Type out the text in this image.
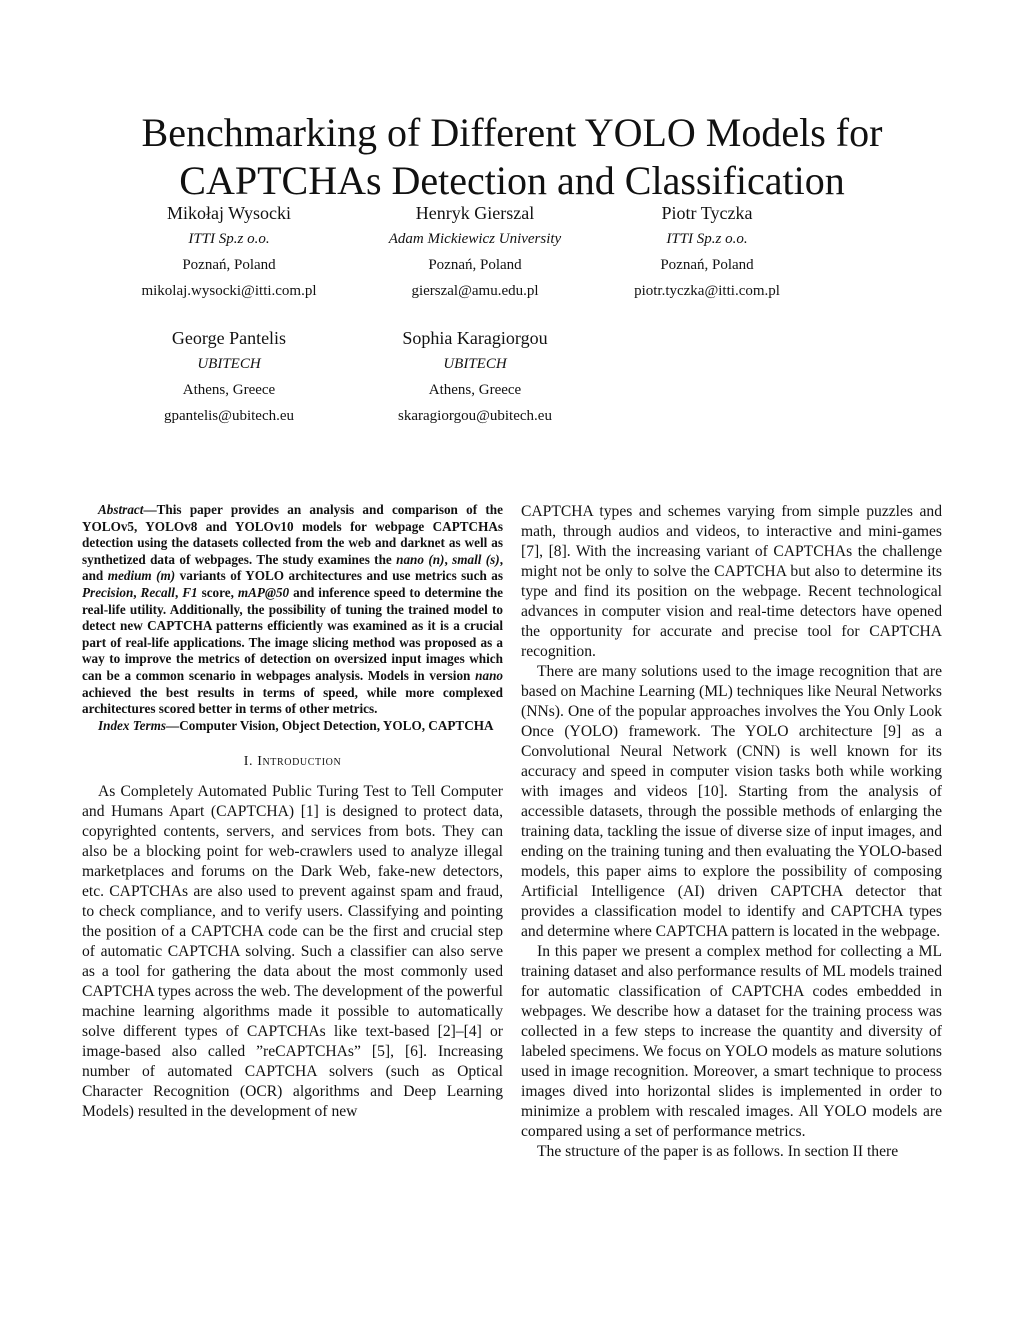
Benchmarking of Different YOLO Models for
CAPTCHAs Detection and Classification
Mikołaj Wysocki
ITTI Sp.z o.o.
Poznań, Poland
mikolaj.wysocki@itti.com.pl
Henryk Gierszal
Adam Mickiewicz University
Poznań, Poland
gierszal@amu.edu.pl
Piotr Tyczka
ITTI Sp.z o.o.
Poznań, Poland
piotr.tyczka@itti.com.pl
George Pantelis
UBITECH
Athens, Greece
gpantelis@ubitech.eu
Sophia Karagiorgou
UBITECH
Athens, Greece
skaragiorgou@ubitech.eu

Abstract—This paper provides an analysis and comparison of the YOLOv5, YOLOv8 and YOLOv10 models for webpage CAPTCHAs detection using the datasets collected from the web and darknet as well as synthetized data of webpages. The study examines the nano (n), small (s), and medium (m) variants of YOLO architectures and use metrics such as Precision, Recall, F1 score, mAP@50 and inference speed to determine the real-life utility. Additionally, the possibility of tuning the trained model to detect new CAPTCHA patterns efficiently was examined as it is a crucial part of real-life applications. The image slicing method was proposed as a way to improve the metrics of detection on oversized input images which can be a common scenario in webpages analysis. Models in version nano achieved the best results in terms of speed, while more complexed architectures scored better in terms of other metrics.

Index Terms—Computer Vision, Object Detection, YOLO, CAPTCHA

I. Introduction

As Completely Automated Public Turing Test to Tell Computer and Humans Apart (CAPTCHA) [1] is designed to protect data, copyrighted contents, servers, and services from bots. They can also be a blocking point for web-crawlers used to analyze illegal marketplaces and forums on the Dark Web, fake-new detectors, etc. CAPTCHAs are also used to prevent against spam and fraud, to check compliance, and to verify users. Classifying and pointing the position of a CAPTCHA code can be the first and crucial step of automatic CAPTCHA solving. Such a classifier can also serve as a tool for gathering the data about the most commonly used CAPTCHA types across the web. The development of the powerful machine learning algorithms made it possible to automatically solve different types of CAPTCHAs like text-based [2]–[4] or image-based also called ”reCAPTCHAs” [5], [6]. Increasing number of automated CAPTCHA solvers (such as Optical Character Recognition (OCR) algorithms and Deep Learning Models) resulted in the development of new

CAPTCHA types and schemes varying from simple puzzles and math, through audios and videos, to interactive and mini-games [7], [8]. With the increasing variant of CAPTCHAs the challenge might not be only to solve the CAPTCHA but also to determine its type and find its position on the webpage. Recent technological advances in computer vision and real-time detectors have opened the opportunity for accurate and precise tool for CAPTCHA recognition.

There are many solutions used to the image recognition that are based on Machine Learning (ML) techniques like Neural Networks (NNs). One of the popular approaches involves the You Only Look Once (YOLO) framework. The YOLO architecture [9] as a Convolutional Neural Network (CNN) is well known for its accuracy and speed in computer vision tasks both while working with images and videos [10]. Starting from the analysis of accessible datasets, through the possible methods of enlarging the training data, tackling the issue of diverse size of input images, and ending on the training tuning and then evaluating the YOLO-based models, this paper aims to explore the possibility of composing Artificial Intelligence (AI) driven CAPTCHA detector that provides a classification model to identify and CAPTCHA types and determine where CAPTCHA pattern is located in the webpage.

In this paper we present a complex method for collecting a ML training dataset and also performance results of ML models trained for automatic classification of CAPTCHA codes embedded in webpages. We describe how a dataset for the training process was collected in a few steps to increase the quantity and diversity of labeled specimens. We focus on YOLO models as mature solutions used in image recognition. Moreover, a smart technique to process images dived into horizontal slides is implemented in order to minimize a problem with rescaled images. All YOLO models are compared using a set of performance metrics.

The structure of the paper is as follows. In section II there
